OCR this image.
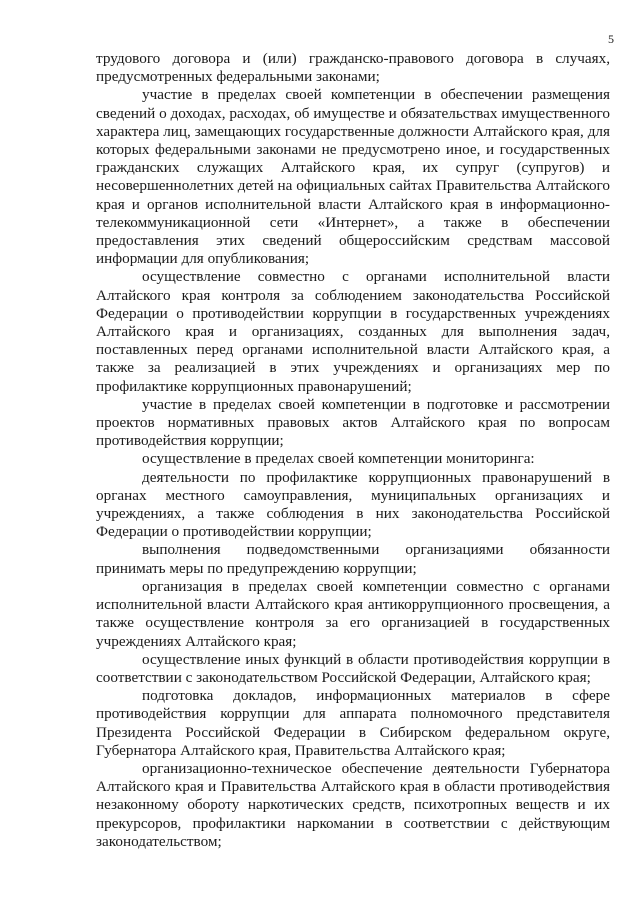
5

трудового договора и (или) гражданско-правового договора в случаях, предусмотренных федеральными законами;

участие в пределах своей компетенции в обеспечении размещения сведений о доходах, расходах, об имуществе и обязательствах имущественного характера лиц, замещающих государственные должности Алтайского края, для которых федеральными законами не предусмотрено иное, и государственных гражданских служащих Алтайского края, их супруг (супругов) и несовершеннолетних детей на официальных сайтах Правительства Алтайского края и органов исполнительной власти Алтайского края в информационно-телекоммуникационной сети «Интернет», а также в обеспечении предоставления этих сведений общероссийским средствам массовой информации для опубликования;

осуществление совместно с органами исполнительной власти Алтайского края контроля за соблюдением законодательства Российской Федерации о противодействии коррупции в государственных учреждениях Алтайского края и организациях, созданных для выполнения задач, поставленных перед органами исполнительной власти Алтайского края, а также за реализацией в этих учреждениях и организациях мер по профилактике коррупционных правонарушений;

участие в пределах своей компетенции в подготовке и рассмотрении проектов нормативных правовых актов Алтайского края по вопросам противодействия коррупции;

осуществление в пределах своей компетенции мониторинга:

деятельности по профилактике коррупционных правонарушений в органах местного самоуправления, муниципальных организациях и учреждениях, а также соблюдения в них законодательства Российской Федерации о противодействии коррупции;

выполнения подведомственными организациями обязанности принимать меры по предупреждению коррупции;

организация в пределах своей компетенции совместно с органами исполнительной власти Алтайского края антикоррупционного просвещения, а также осуществление контроля за его организацией в государственных учреждениях Алтайского края;

осуществление иных функций в области противодействия коррупции в соответствии с законодательством Российской Федерации, Алтайского края;

подготовка докладов, информационных материалов в сфере противодействия коррупции для аппарата полномочного представителя Президента Российской Федерации в Сибирском федеральном округе, Губернатора Алтайского края, Правительства Алтайского края;

организационно-техническое обеспечение деятельности Губернатора Алтайского края и Правительства Алтайского края в области противодействия незаконному обороту наркотических средств, психотропных веществ и их прекурсоров, профилактики наркомании в соответствии с действующим законодательством;
